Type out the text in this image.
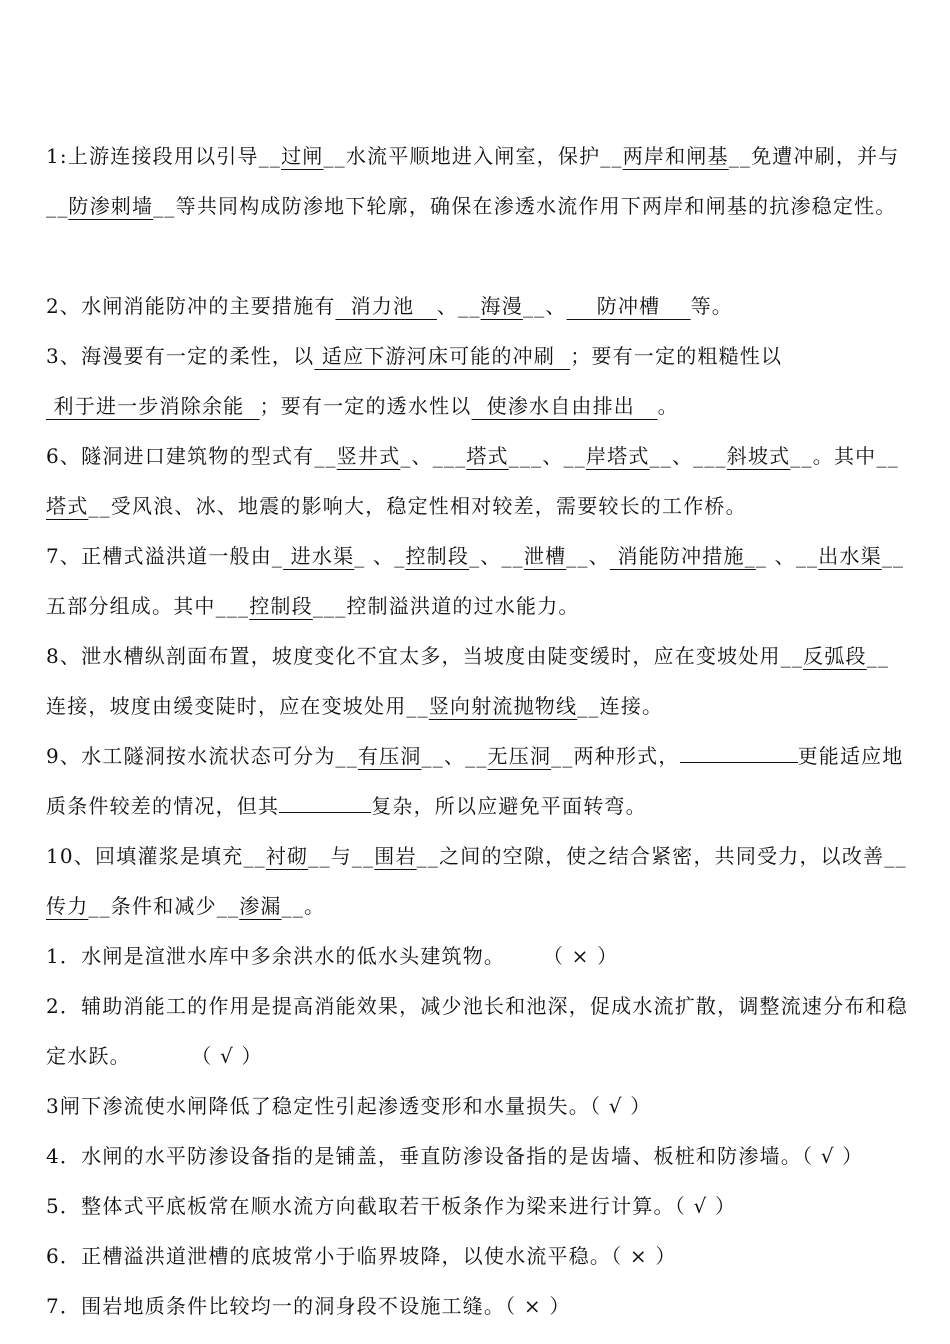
1:上游连接段用以引导__过闸__水流平顺地进入闸室，保护__两岸和闸基__免遭冲刷，并与__防渗刺墙__等共同构成防渗地下轮廓，确保在渗透水流作用下两岸和闸基的抗渗稳定性。
2、水闸消能防冲的主要措施有  消力池   、__海漫__、    防冲槽    等。
3、海漫要有一定的柔性，以 适应下游河床可能的冲刷  ；要有一定的粗糙性以 利于进一步消除余能  ；要有一定的透水性以  使渗水自由排出   。
6、隧洞进口建筑物的型式有__竖井式_、___塔式___、__岸塔式__、___斜坡式__。其中__塔式__受风浪、冰、地震的影响大，稳定性相对较差，需要较长的工作桥。
7、正槽式溢洪道一般由_ 进水渠_ 、_控制段_、__泄槽__、 消能防冲措施__ 、__出水渠__五部分组成。其中___控制段___控制溢洪道的过水能力。
8、泄水槽纵剖面布置，坡度变化不宜太多，当坡度由陡变缓时，应在变坡处用__反弧段__连接，坡度由缓变陡时，应在变坡处用__竖向射流抛物线__连接。
9、水工隧洞按水流状态可分为__有压洞__、__无压洞__两种形式，	更能适应地质条件较差的情况，但其	复杂，所以应避免平面转弯。
10、回填灌浆是填充__衬砌__与__围岩__之间的空隙，使之结合紧密，共同受力，以改善__传力__条件和减少__渗漏__。
1．水闸是渲泄水库中多余洪水的低水头建筑物。     （ × ）
2．辅助消能工的作用是提高消能效果，减少池长和池深，促成水流扩散，调整流速分布和稳定水跃。        （ √ ）
3闸下渗流使水闸降低了稳定性引起渗透变形和水量损失。（ √ ）
4．水闸的水平防渗设备指的是铺盖，垂直防渗设备指的是齿墙、板桩和防渗墙。（ √ ）
5．整体式平底板常在顺水流方向截取若干板条作为梁来进行计算。（ √ ）
6．正槽溢洪道泄槽的底坡常小于临界坡降，以使水流平稳。（ × ）
7．围岩地质条件比较均一的洞身段不设施工缝。（ × ）
